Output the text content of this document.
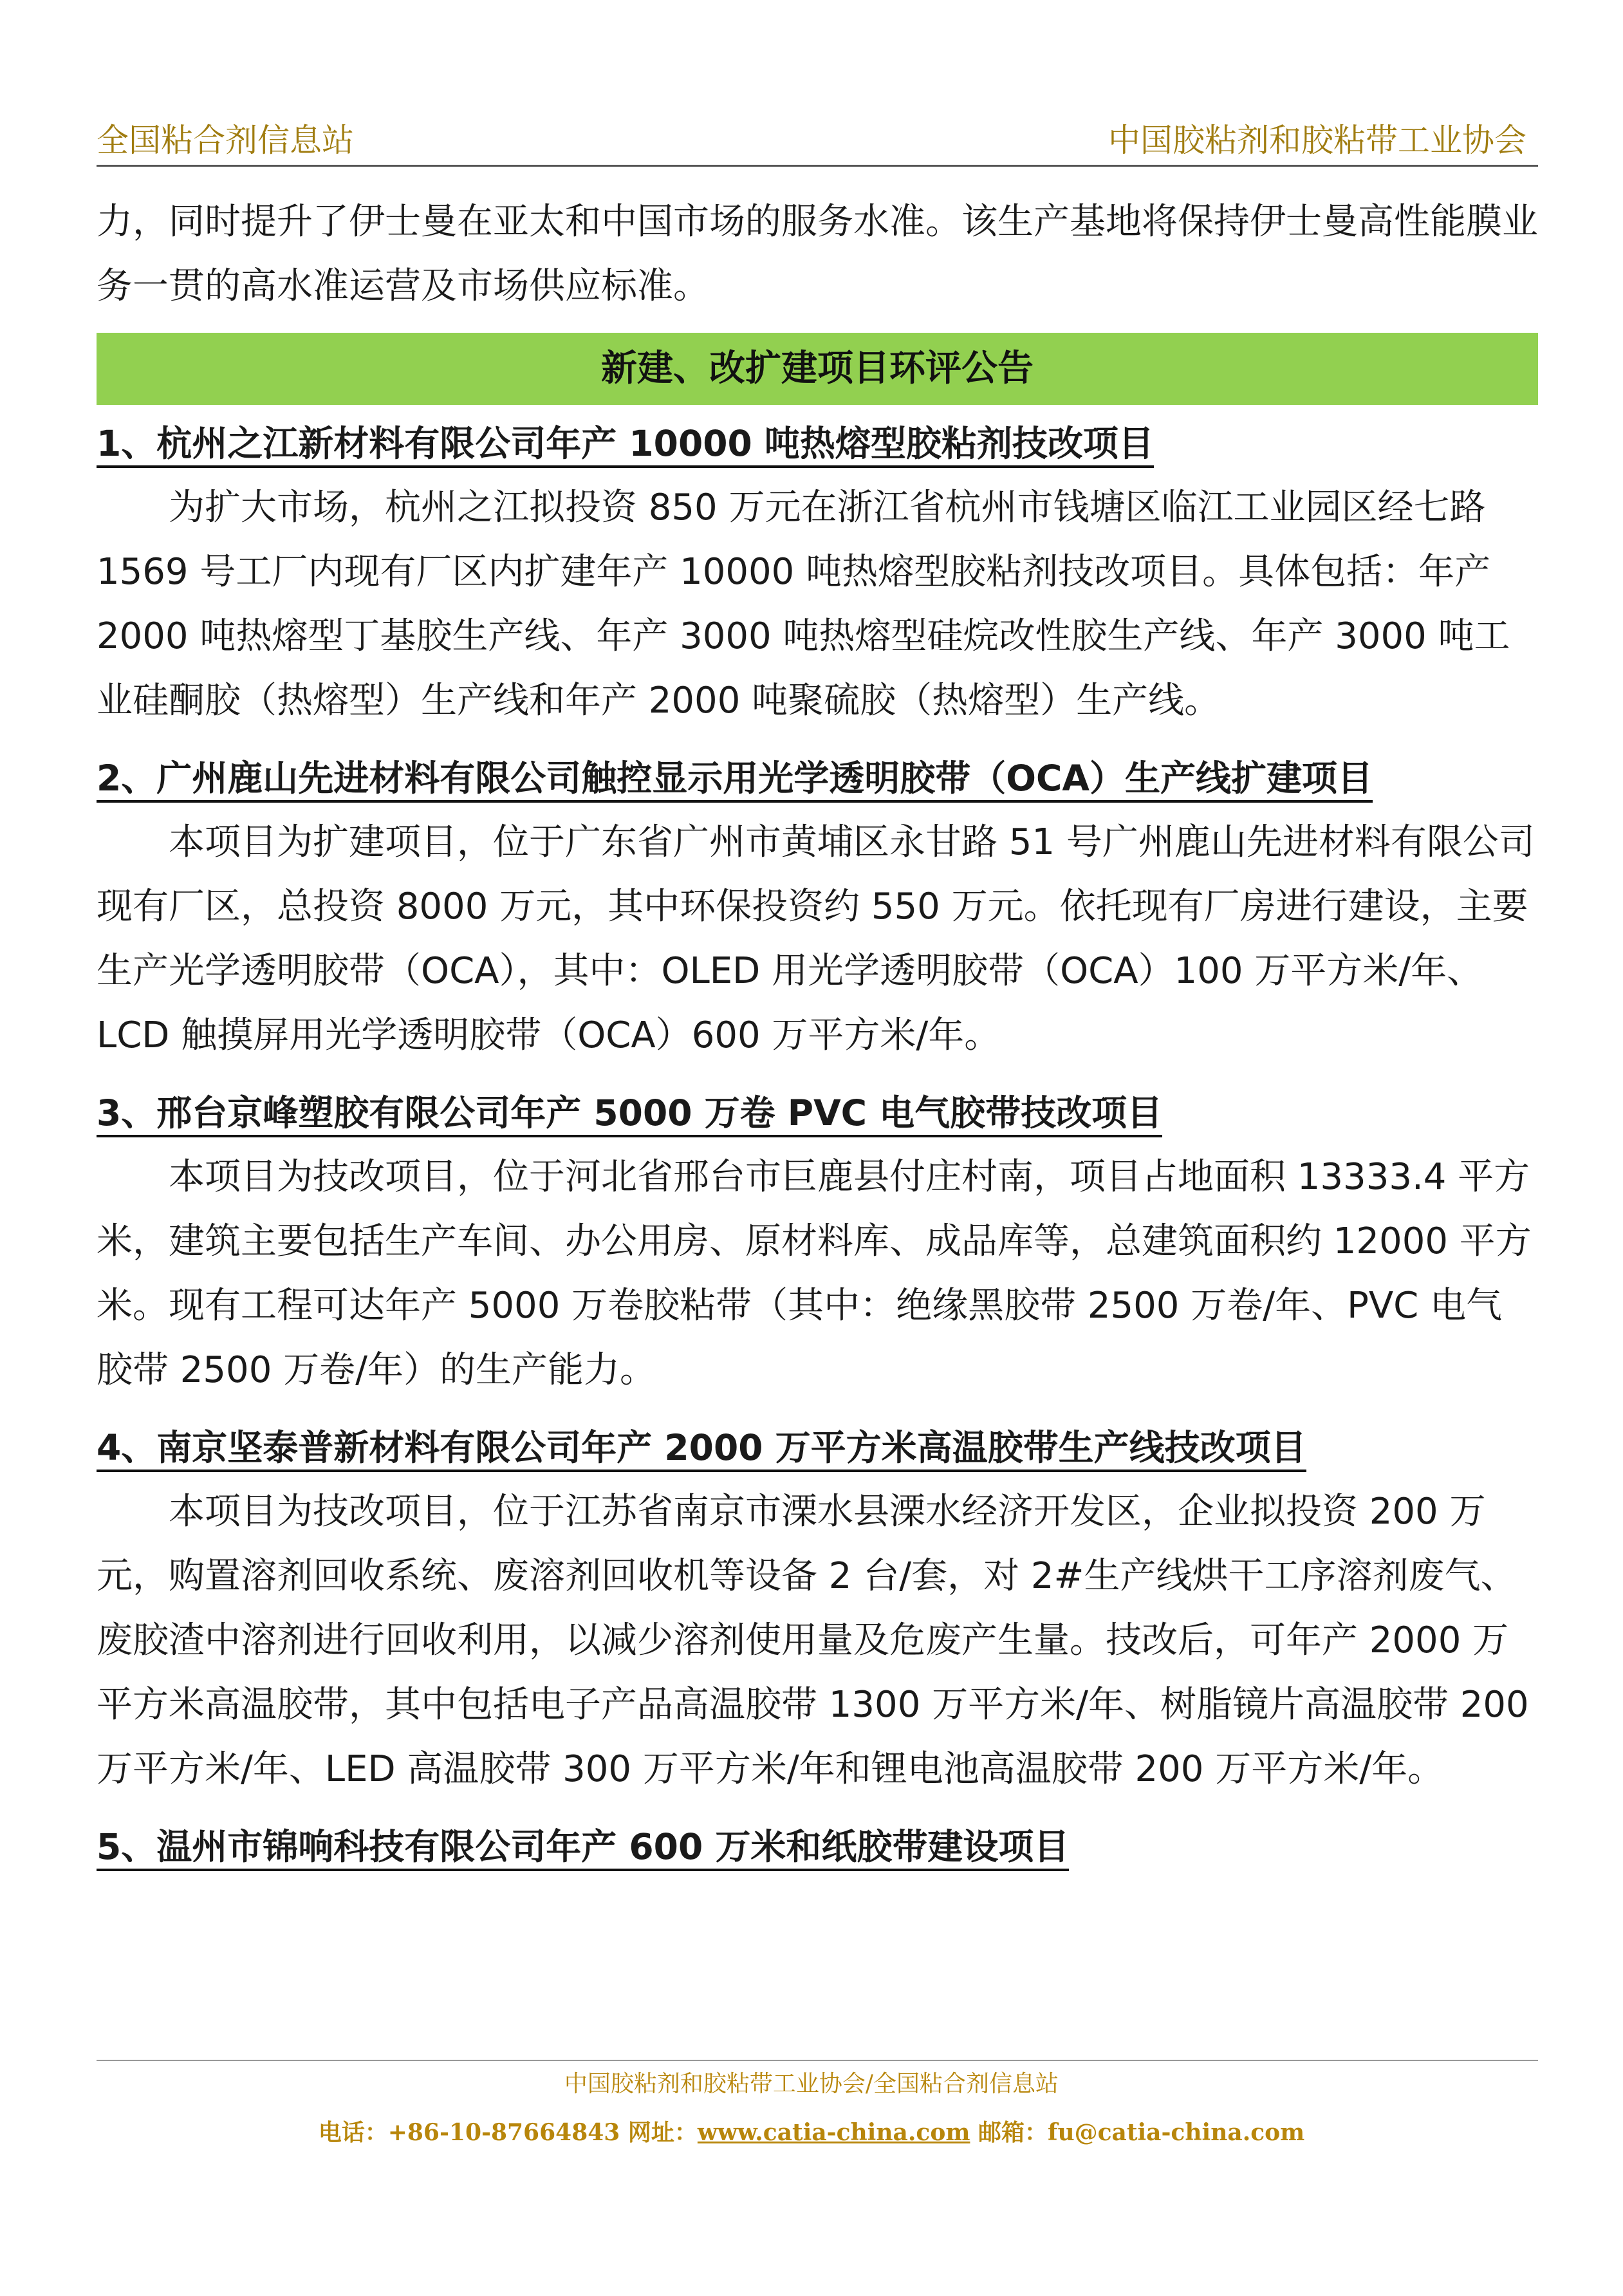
全国粘合剂信息站	中国胶粘剂和胶粘带工业协会

力，同时提升了伊士曼在亚太和中国市场的服务水准。该生产基地将保持伊士曼高性能膜业务一贯的高水准运营及市场供应标准。

新建、改扩建项目环评公告
1、杭州之江新材料有限公司年产 10000 吨热熔型胶粘剂技改项目

为扩大市场，杭州之江拟投资 850 万元在浙江省杭州市钱塘区临江工业园区经七路 1569 号工厂内现有厂区内扩建年产 10000 吨热熔型胶粘剂技改项目。具体包括：年产 2000 吨热熔型丁基胶生产线、年产 3000 吨热熔型硅烷改性胶生产线、年产 3000 吨工业硅酮胶（热熔型）生产线和年产 2000 吨聚硫胶（热熔型）生产线。

2、广州鹿山先进材料有限公司触控显示用光学透明胶带（OCA）生产线扩建项目

本项目为扩建项目，位于广东省广州市黄埔区永甘路 51 号广州鹿山先进材料有限公司现有厂区，总投资 8000 万元，其中环保投资约 550 万元。依托现有厂房进行建设，主要生产光学透明胶带（OCA），其中：OLED 用光学透明胶带（OCA）100 万平方米/年、LCD 触摸屏用光学透明胶带（OCA）600 万平方米/年。

3、邢台京峰塑胶有限公司年产 5000 万卷 PVC 电气胶带技改项目

本项目为技改项目，位于河北省邢台市巨鹿县付庄村南，项目占地面积 13333.4 平方米，建筑主要包括生产车间、办公用房、原材料库、成品库等，总建筑面积约 12000 平方米。现有工程可达年产 5000 万卷胶粘带（其中：绝缘黑胶带 2500 万卷/年、PVC 电气胶带 2500 万卷/年）的生产能力。

4、南京坚泰普新材料有限公司年产 2000 万平方米高温胶带生产线技改项目

本项目为技改项目，位于江苏省南京市溧水县溧水经济开发区，企业拟投资 200 万元，购置溶剂回收系统、废溶剂回收机等设备 2 台/套，对 2#生产线烘干工序溶剂废气、废胶渣中溶剂进行回收利用，以减少溶剂使用量及危废产生量。技改后，可年产 2000 万平方米高温胶带，其中包括电子产品高温胶带 1300 万平方米/年、树脂镜片高温胶带 200 万平方米/年、LED 高温胶带 300 万平方米/年和锂电池高温胶带 200 万平方米/年。

5、温州市锦响科技有限公司年产 600 万米和纸胶带建设项目
中国胶粘剂和胶粘带工业协会/全国粘合剂信息站
电话：+86-10-87664843 网址：www.catia-china.com 邮箱：fu@catia-china.com
